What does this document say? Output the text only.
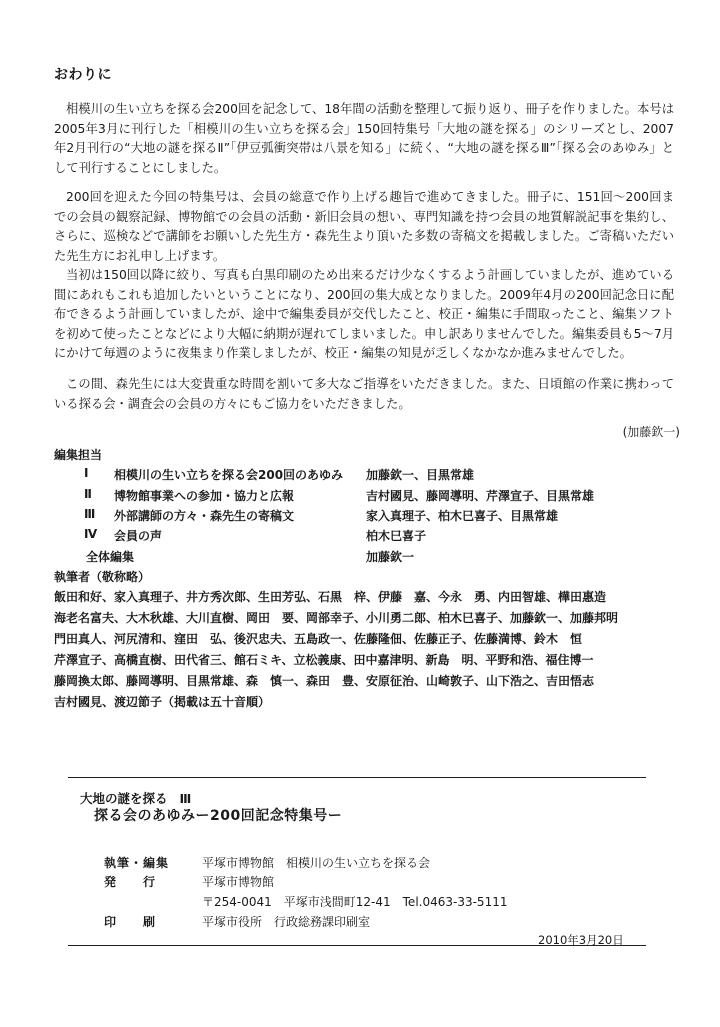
おわりに

相模川の生い立ちを探る会200回を記念して、18年間の活動を整理して振り返り、冊子を作りました。本号は2005年3月に刊行した「相模川の生い立ちを探る会」150回特集号「大地の謎を探る」のシリーズとし、2007年2月刊行の“大地の謎を探るⅡ”「伊豆弧衝突帯は八景を知る」に続く、“大地の謎を探るⅢ”「探る会のあゆみ」として刊行することにしました。

200回を迎えた今回の特集号は、会員の総意で作り上げる趣旨で進めてきました。冊子に、151回～200回までの会員の観察記録、博物館での会員の活動・新旧会員の想い、専門知識を持つ会員の地質解説記事を集約し、さらに、巡検などで講師をお願いした先生方・森先生より頂いた多数の寄稿文を掲載しました。ご寄稿いただいた先生方にお礼申し上げます。

当初は150回以降に絞り、写真も白黒印刷のため出来るだけ少なくするよう計画していましたが、進めている間にあれもこれも追加したいということになり、200回の集大成となりました。2009年4月の200回記念日に配布できるよう計画していましたが、途中で編集委員が交代したこと、校正・編集に手間取ったこと、編集ソフトを初めて使ったことなどにより大幅に納期が遅れてしまいました。申し訳ありませんでした。編集委員も5～7月にかけて毎週のように夜集まり作業しましたが、校正・編集の知見が乏しくなかなか進みませんでした。

この間、森先生には大変貴重な時間を割いて多大なご指導をいただきました。また、日頃館の作業に携わっている探る会・調査会の会員の方々にもご協力をいただきました。

(加藤欽一)
編集担当
Ⅰ 相模川の生い立ちを探る会200回のあゆみ 加藤欽一、目黒常雄
Ⅱ 博物館事業への参加・協力と広報	吉村國見、藤岡導明、芹澤宣子、目黒常雄
Ⅲ 外部講師の方々・森先生の寄稿文	家入真理子、柏木巳喜子、目黒常雄
Ⅳ 会員の声	柏木巳喜子
全体編集	加藤欽一
執筆者（敬称略）
飯田和好、家入真理子、井方秀次郎、生田芳弘、石黒　梓、伊藤　嘉、今永　勇、内田智雄、樺田惠造
海老名富夫、大木秋雄、大川直樹、岡田　要、岡部幸子、小川勇二郎、柏木巳喜子、加藤欽一、加藤邦明
門田真人、河尻清和、窪田　弘、後沢忠夫、五島政一、佐藤隆佃、佐藤正子、佐藤満博、鈴木　恒
芹澤宣子、高橋直樹、田代省三、館石ミキ、立松義康、田中嘉津明、新島　明、平野和浩、福住博一
藤岡換太郎、藤岡導明、目黒常雄、森　慎一、森田　豊、安原征治、山崎敦子、山下浩之、吉田悟志
吉村國見、渡辺節子（掲載は五十音順）
大地の謎を探る Ⅲ
探る会のあゆみー200回記念特集号ー
執筆・編集	平塚市博物館　相模川の生い立ちを探る会
発　　行	平塚市博物館
〒254-0041　平塚市浅間町12-41　Tel.0463-33-5111
印　　刷	平塚市役所　行政総務課印刷室
2010年3月20日
